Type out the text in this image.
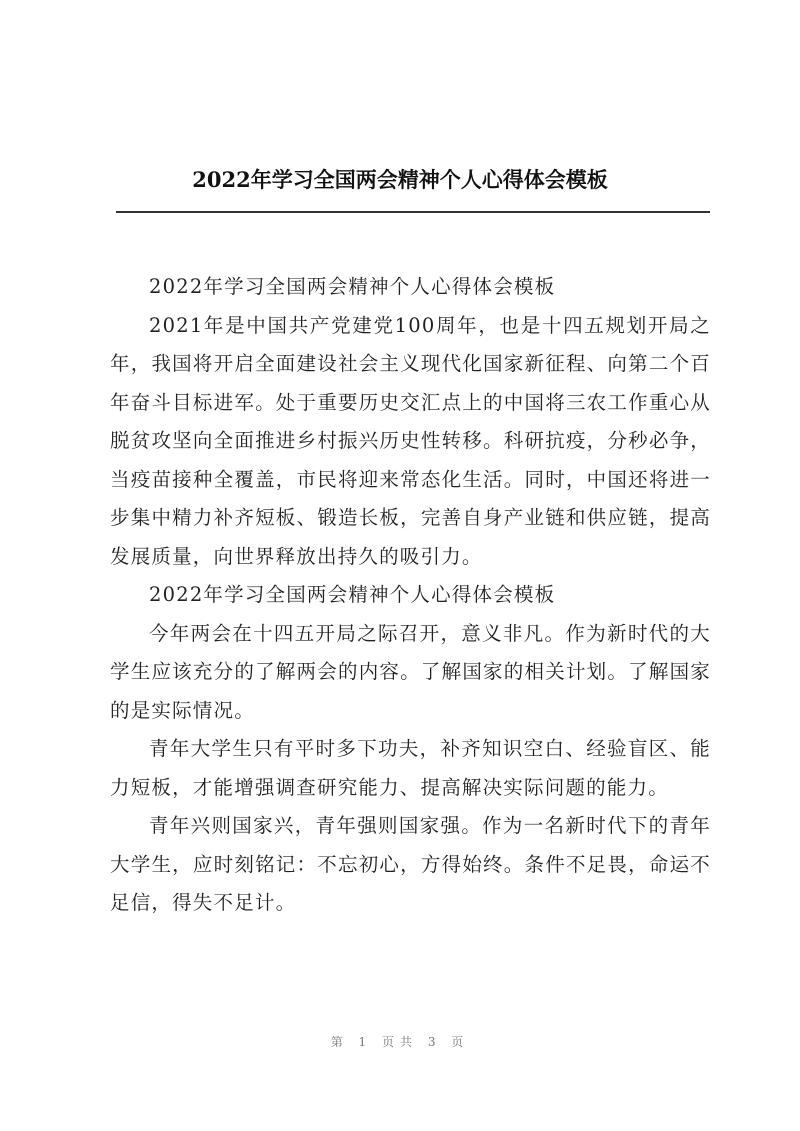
2022年学习全国两会精神个人心得体会模板

2022年学习全国两会精神个人心得体会模板

2021年是中国共产党建党100周年，也是十四五规划开局之年，我国将开启全面建设社会主义现代化国家新征程、向第二个百年奋斗目标进军。处于重要历史交汇点上的中国将三农工作重心从脱贫攻坚向全面推进乡村振兴历史性转移。科研抗疫，分秒必争，当疫苗接种全覆盖，市民将迎来常态化生活。同时，中国还将进一步集中精力补齐短板、锻造长板，完善自身产业链和供应链，提高发展质量，向世界释放出持久的吸引力。

2022年学习全国两会精神个人心得体会模板

今年两会在十四五开局之际召开，意义非凡。作为新时代的大学生应该充分的了解两会的内容。了解国家的相关计划。了解国家的是实际情况。

青年大学生只有平时多下功夫，补齐知识空白、经验盲区、能力短板，才能增强调查研究能力、提高解决实际问题的能力。

青年兴则国家兴，青年强则国家强。作为一名新时代下的青年大学生，应时刻铭记：不忘初心，方得始终。条件不足畏，命运不足信，得失不足计。

第 1 页共 3 页
